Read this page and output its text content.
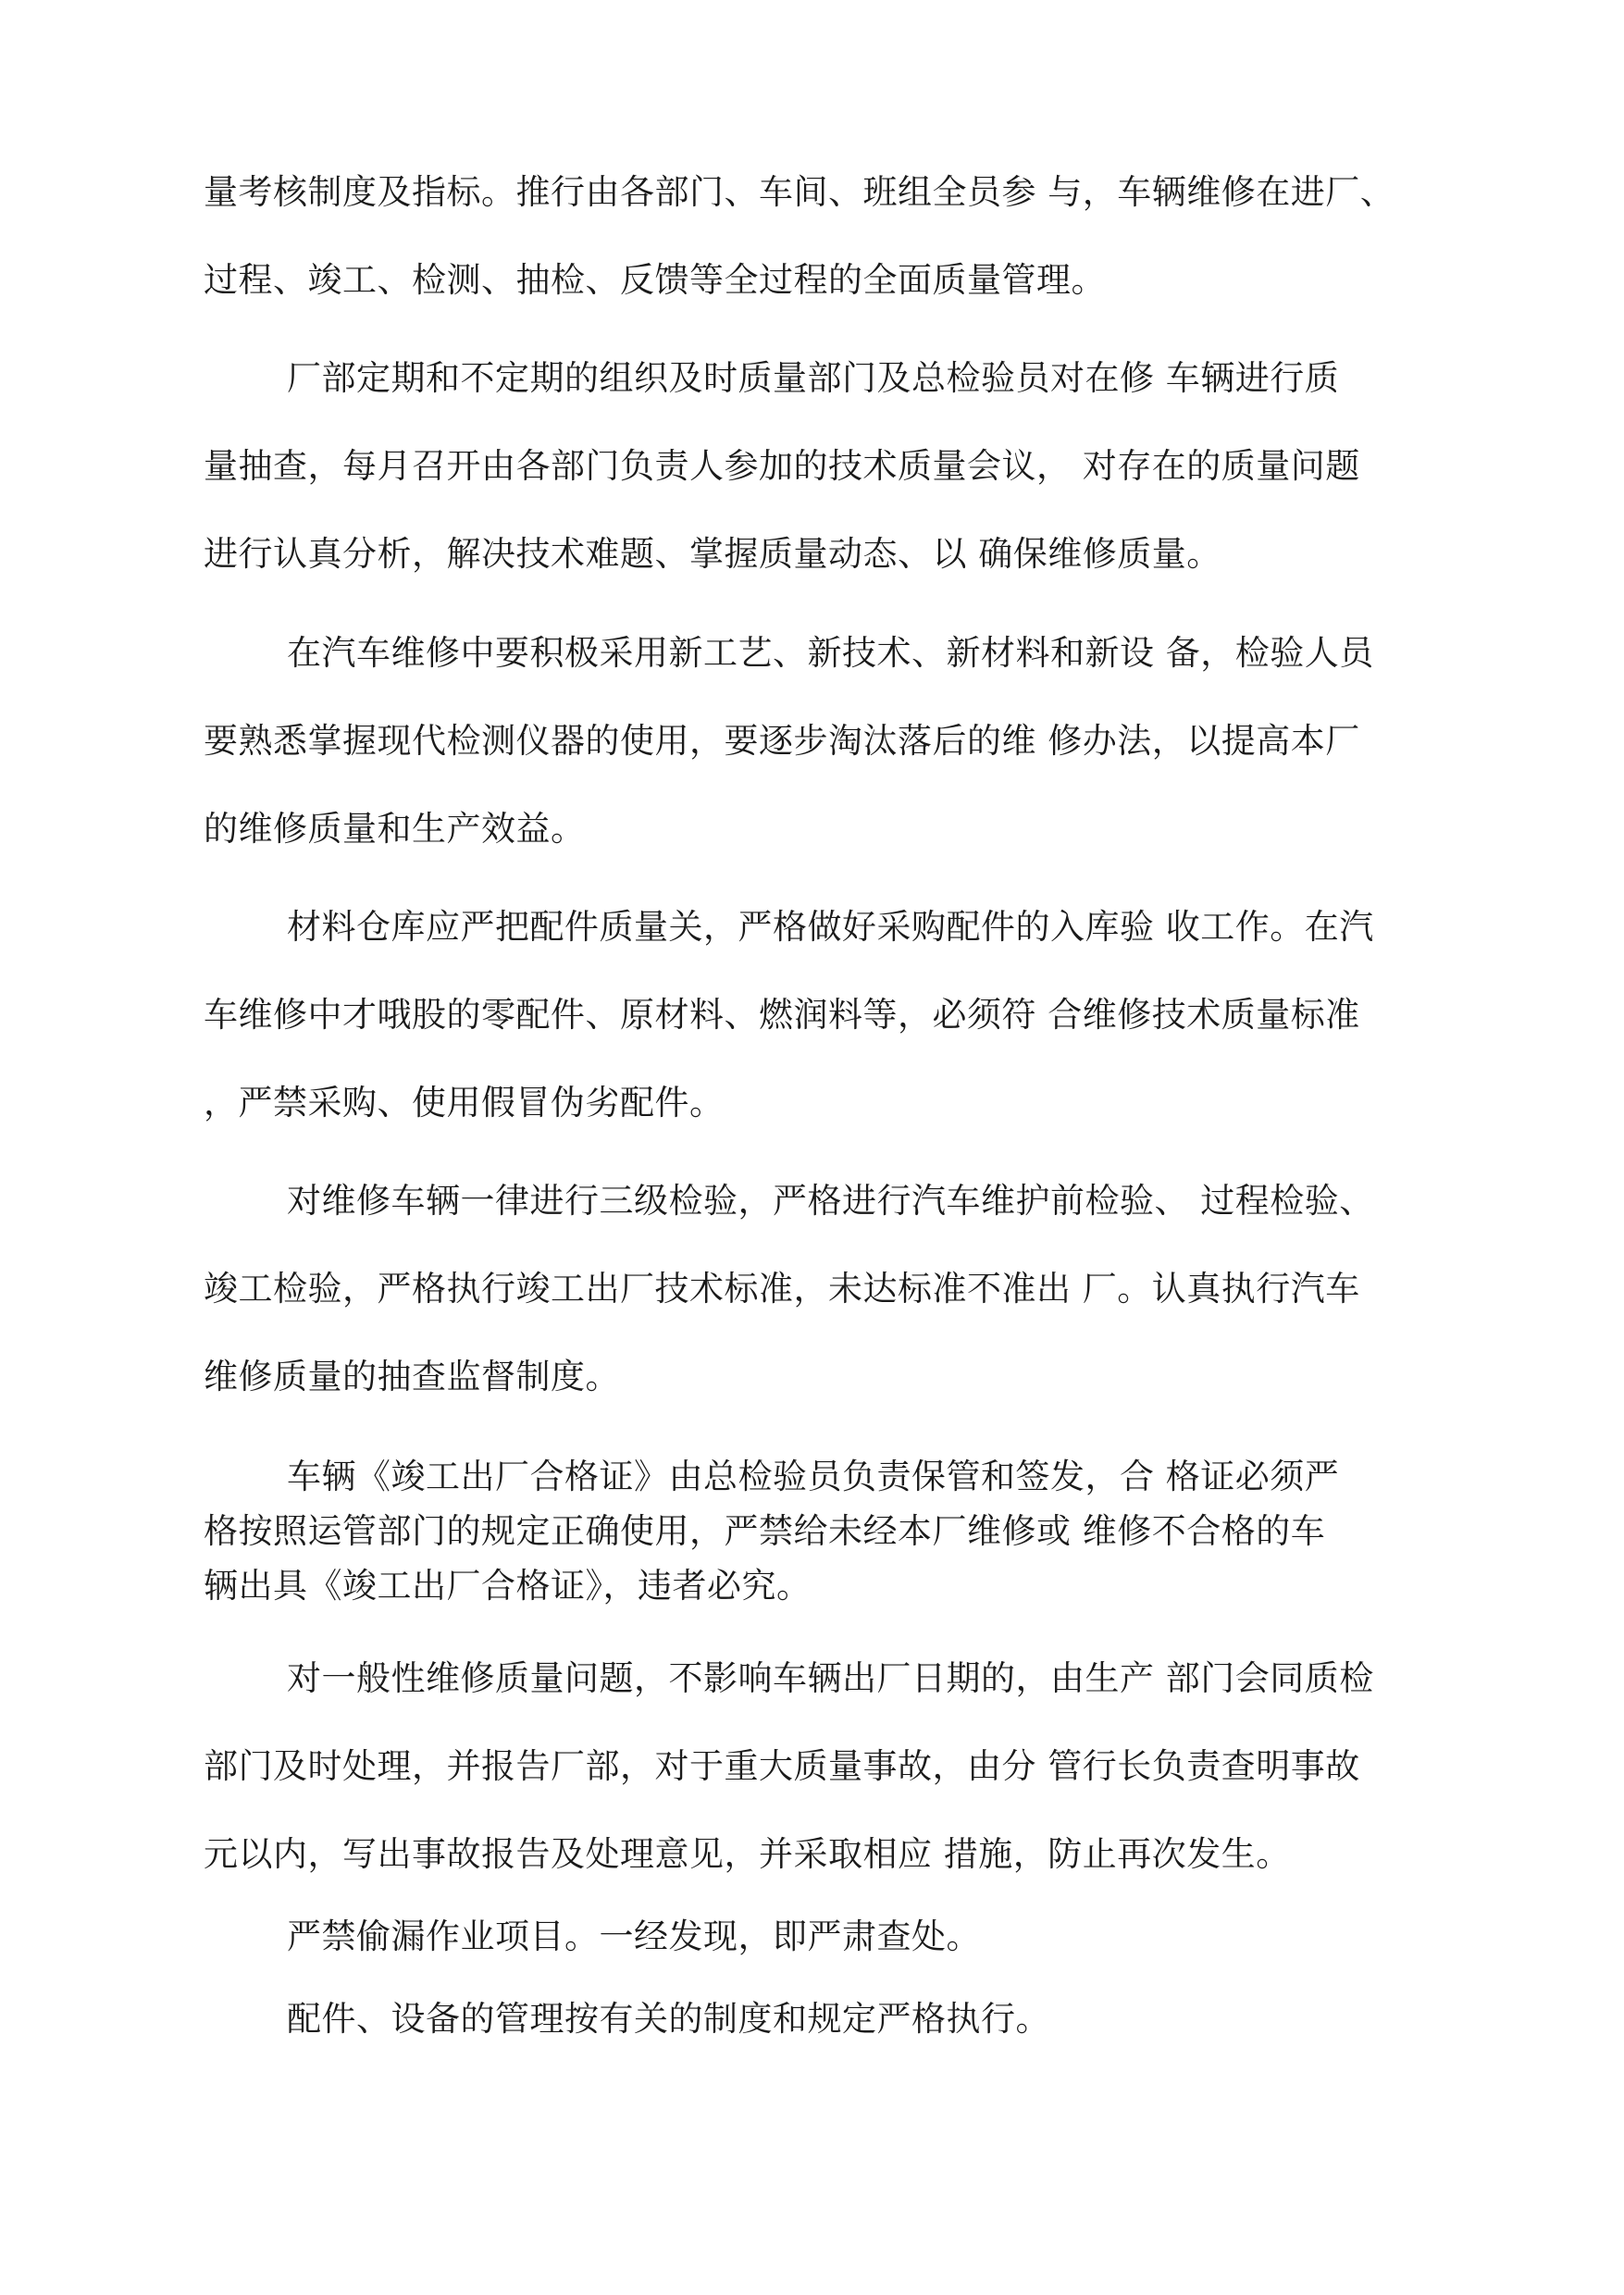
量考核制度及指标。推行由各部门、车间、班组全员参 与，车辆维修在进厂、
过程、竣工、检测、抽检、反馈等全过程的全面质量管理。
厂部定期和不定期的组织及时质量部门及总检验员对在修 车辆进行质
量抽查，每月召开由各部门负责人参加的技术质量会议， 对存在的质量问题
进行认真分析，解决技术难题、掌握质量动态、以 确保维修质量。
在汽车维修中要积极采用新工艺、新技术、新材料和新设 备，检验人员
要熟悉掌握现代检测仪器的使用，要逐步淘汰落后的维 修办法，以提高本厂
的维修质量和生产效益。
材料仓库应严把配件质量关，严格做好采购配件的入库验 收工作。在汽
车维修中才哦股的零配件、原材料、燃润料等，必须符 合维修技术质量标准
，严禁采购、使用假冒伪劣配件。
对维修车辆一律进行三级检验，严格进行汽车维护前检验、 过程检验、
竣工检验，严格执行竣工出厂技术标准，未达标准不准出 厂。认真执行汽车
维修质量的抽查监督制度。
车辆《竣工出厂合格证》由总检验员负责保管和签发，合 格证必须严
格按照运管部门的规定正确使用，严禁给未经本厂维修或 维修不合格的车
辆出具《竣工出厂合格证》，违者必究。
对一般性维修质量问题，不影响车辆出厂日期的，由生产 部门会同质检
部门及时处理，并报告厂部，对于重大质量事故，由分 管行长负责查明事故
元以内，写出事故报告及处理意见，并采取相应 措施，防止再次发生。
严禁偷漏作业项目。一经发现，即严肃查处。
配件、设备的管理按有关的制度和规定严格执行。
